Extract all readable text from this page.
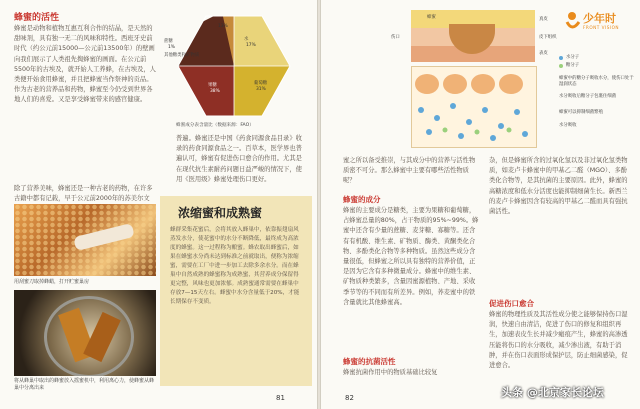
蜂蜜的活性

蜂蜜是动物和植物互惠互利合作的结晶，是天然的甜味剂，具有独一无二的风味和特性。西班牙史前时代（约公元前15000—公元前13500年）的壁画向我们展示了人类祖先掏蜂蜜的画面。在公元前5500年的古埃及，就开始人工养蜂，在古埃及，人类便开始食用蜂蜜，并且把蜂蜜当作祭神的贡品。作为古老的营养品和药物，蜂蜜至今仍受到世界各地人们的喜爱。又是享受蜂蜜带来的感官健康。

除了营养美味，蜂蜜还是一种古老的药物，在许多古籍中都有记载，早于公元前2000年的苏美尔文

果糖
38%
葡萄糖
31%
水
17%
蔗糖
1%
其他糖类和矿物质
13%
蜂蜜成分表含量比（数据来源：FAO）

普遍。蜂蜜还是中国《药食同源食品目录》收录的药食同源食品之一。百草本，医学界也普遍认可，蜂蜜有促进伤口愈合的作用。尤其是在现代抗生素耐药问题日益严峻的情况下，使用《医用级》蜂蜜处理伤口更好。

浓缩蜜和成熟蜜

蜂群采集花蜜后，会将其放入蜂巢中，依靠振翅扇风蒸发水分，使花蜜中的水分不断降低，最终成为高浓度的蜂蜜。这一过程称为酿蜜。蜂农取出蜂蜜后，如果在蜂蜜水分尚未达到标准之前就取出，便称为浓缩蜜，需要在工厂中进一步加工去除多余水分。而在蜂巢中自然成熟的蜂蜜称为成熟蜜，其营养成分保留得更完整，风味也更加浓郁。成熟蜜通常需要在蜂巢中存放7—15天左右。蜂蜜中水分含量低于20%，才能长期保存不变质。

用刮蜜刀取掉蜂蜡，打开贮蜜巢房
将从蜂巢中取出的蜂蜜放入摇蜜机中，利用离心力，使蜂蜜从蜂巢中分离出来
81
少年时
FRONT VISION
蜂蜜
伤口
真皮
皮下组织
表皮
水分子
糖分子
蜂蜜中的糖分子吸收水分，使伤口处于湿润状态
水分吸收后糖分子包裹住细菌
蜂蜜可以抑制细菌繁殖
水分吸收

蜜之所以备受推崇，与其成分中的营养与活性物质密不可分。那么蜂蜜中主要有哪些活性物质呢？

蜂蜜的成分

蜂蜜的主要成分是糖类，主要为果糖和葡萄糖，占蜂蜜总量的80%，占干物质的95%~99%。蜂蜜中还含有少量的蔗糖、麦芽糖、寡糖等。还含有有机酸、维生素、矿物质、酶类、黄酮类化合物、多酚类化合物等多种物质。虽然这些成分含量很低，但蜂蜜之所以具有独特的营养价值，正是因为它含有多种微量成分。蜂蜜中的维生素、矿物质种类繁多，含量因蜜源植物、产地、采收季节等的不同而有所差异。例如，荞麦蜜中的铁含量就比其他蜂蜜高。

蜂蜜的抗菌活性

蜂蜜抗菌作用中的物质基础比较复

杂，但是蜂蜜所含的过氧化氢以及非过氧化氢类物质，如麦卢卡蜂蜜中的甲基乙二醛（MGO）、多酚类化合物等，是其抗菌的主要原因。此外，蜂蜜的高糖浓度和低水分活度也能抑制细菌生长。新西兰的麦卢卡蜂蜜因含有较高的甲基乙二醛而具有强抗菌活性。

促进伤口愈合

蜂蜜的物理性质及其活性成分使之能够保持伤口湿润，快速自由清洁，促进了伤口的修复和组织再生，加速表皮生长并减少瘢痕产生，蜂蜜的高渗透压能将伤口的水分吸收，减少渗出液，有助于消肿，并在伤口表面形成保护层，防止细菌感染，促进愈合。

82	头条 @北京家长论坛
